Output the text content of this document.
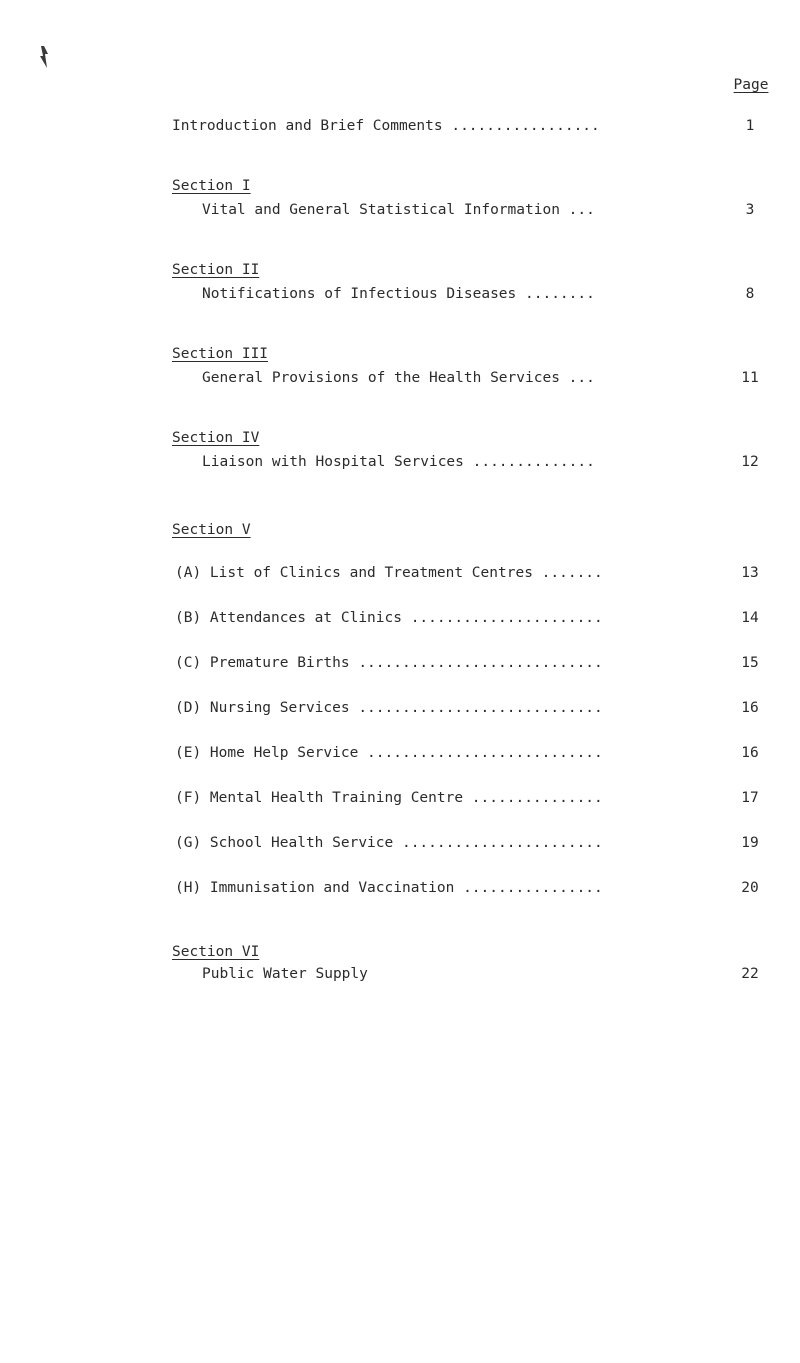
Page
Introduction and Brief Comments .................	1
Section I
Vital and General Statistical Information ...	3
Section II
Notifications of Infectious Diseases ........	8
Section III
General Provisions of the Health Services ...	11
Section IV
Liaison with Hospital Services ..............	12
Section V
(A) List of Clinics and Treatment Centres .......	13
(B) Attendances at Clinics ......................	14
(C) Premature Births ............................	15
(D) Nursing Services ............................	16
(E) Home Help Service ...........................	16
(F) Mental Health Training Centre ...............	17
(G) School Health Service .......................	19
(H) Immunisation and Vaccination ................	20
Section VI
Public Water Supply	22
